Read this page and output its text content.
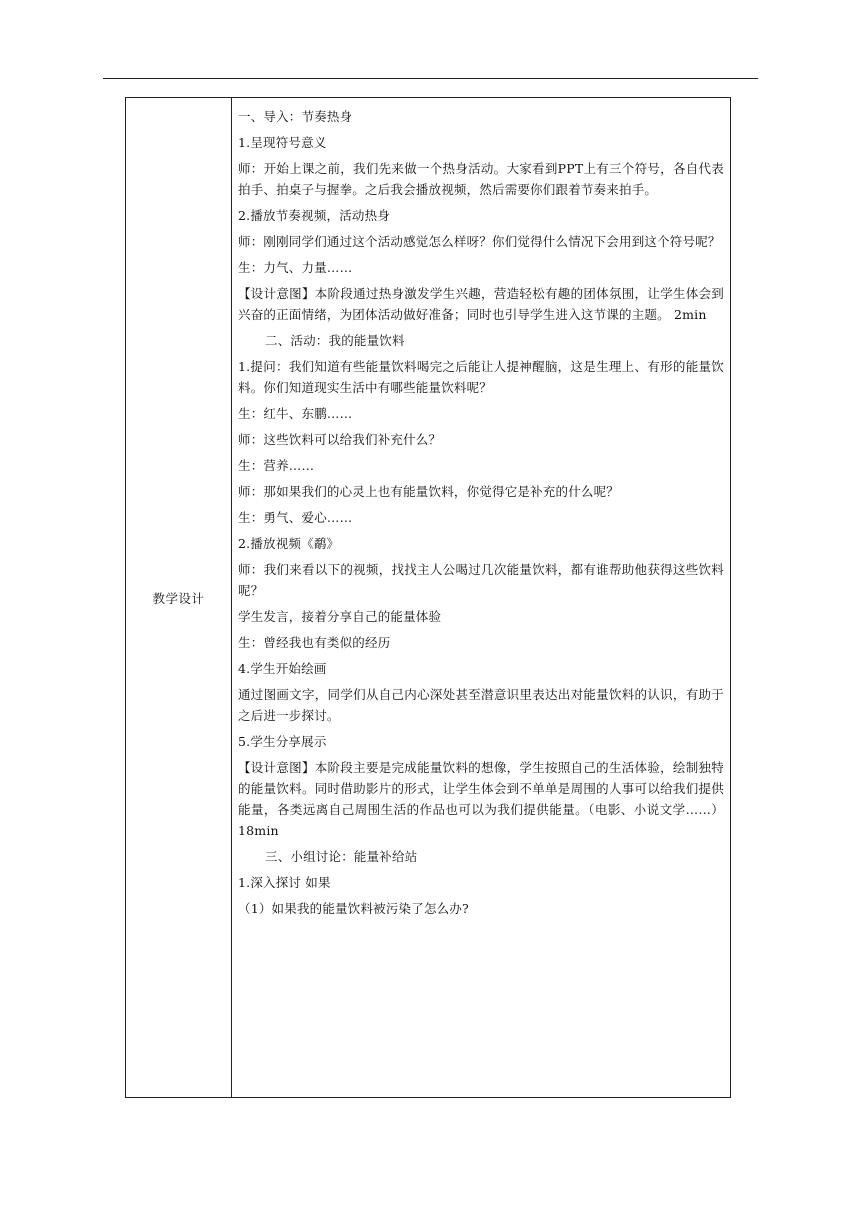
教学设计

一、导入：节奏热身

1.呈现符号意义

师：开始上课之前，我们先来做一个热身活动。大家看到PPT上有三个符号，各自代表拍手、拍桌子与握拳。之后我会播放视频，然后需要你们跟着节奏来拍手。

2.播放节奏视频，活动热身

师：刚刚同学们通过这个活动感觉怎么样呀？你们觉得什么情况下会用到这个符号呢？

生：力气、力量……

【设计意图】本阶段通过热身激发学生兴趣，营造轻松有趣的团体氛围，让学生体会到兴奋的正面情绪，为团体活动做好准备；同时也引导学生进入这节课的主题。 2min

二、活动：我的能量饮料

1.提问：我们知道有些能量饮料喝完之后能让人提神醒脑，这是生理上、有形的能量饮料。你们知道现实生活中有哪些能量饮料呢？

生：红牛、东鹏……

师：这些饮料可以给我们补充什么？

生：营养……

师：那如果我们的心灵上也有能量饮料，你觉得它是补充的什么呢？

生：勇气、爱心……

2.播放视频《鹬》

师：我们来看以下的视频，找找主人公喝过几次能量饮料，都有谁帮助他获得这些饮料呢？

学生发言，接着分享自己的能量体验

生：曾经我也有类似的经历

4.学生开始绘画

通过图画文字，同学们从自己内心深处甚至潜意识里表达出对能量饮料的认识，有助于之后进一步探讨。

5.学生分享展示

【设计意图】本阶段主要是完成能量饮料的想像，学生按照自己的生活体验，绘制独特的能量饮料。同时借助影片的形式，让学生体会到不单单是周围的人事可以给我们提供能量，各类远离自己周围生活的作品也可以为我们提供能量。（电影、小说文学……）18min

三、小组讨论：能量补给站

1.深入探讨 如果

（1）如果我的能量饮料被污染了怎么办?
